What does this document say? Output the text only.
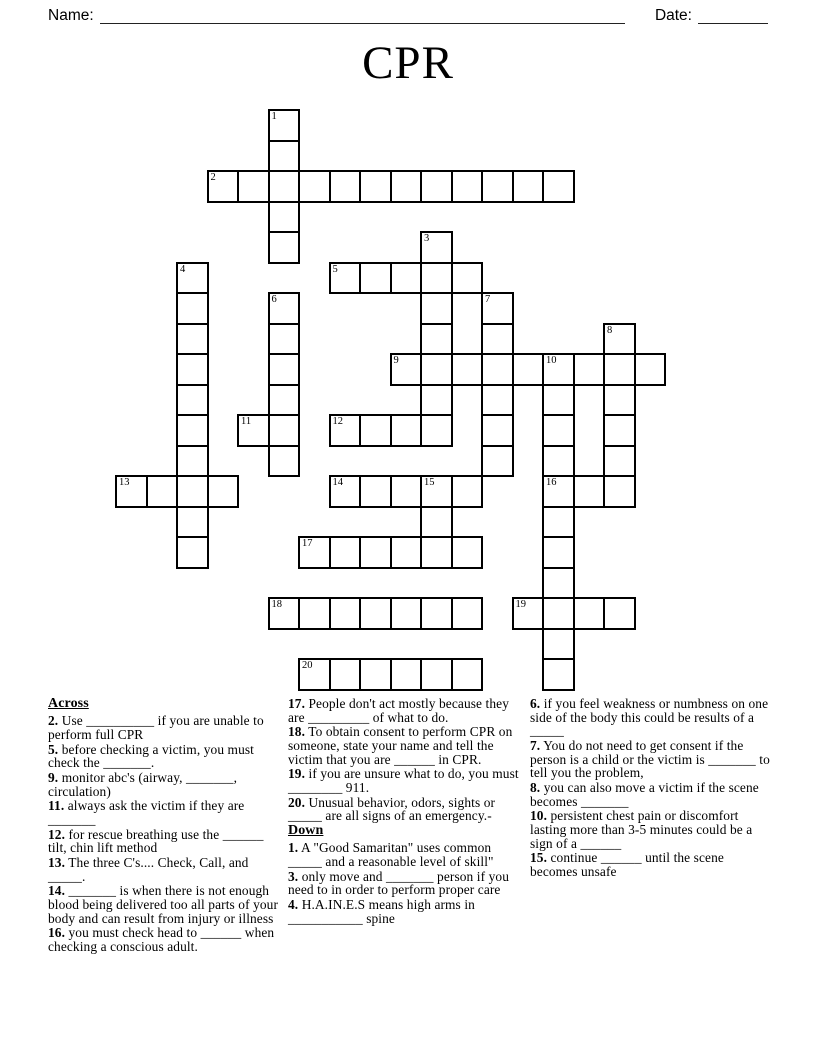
Name:	Date:
CPR
1
2
3
4	5
6	7
8
9	10
16
11	12
13	14	15
17
18	19
20
Across
2. Use __________ if you are unable to perform full CPR
5. before checking a victim, you must check the _______.
9. monitor abc's (airway, _______, circulation)
11. always ask the victim if they are _______
12. for rescue breathing use the ______ tilt, chin lift method
13. The three C's.... Check, Call, and _____.
14. _______ is when there is not enough blood being delivered too all parts of your body and can result from injury or illness
16. you must check head to ______ when checking a conscious adult.
17. People don't act mostly because they are _________ of what to do.
18. To obtain consent to perform CPR on someone, state your name and tell the victim that you are ______ in CPR.
19. if you are unsure what to do, you must ________ 911.
20. Unusual behavior, odors, sights or _____ are all signs of an emergency.-
Down
1. A "Good Samaritan" uses common _____ and a reasonable level of skill"
3. only move and _______ person if you need to in order to perform proper care
4. H.A.IN.E.S means high arms in ___________ spine
6. if you feel weakness or numbness on one side of the body this could be results of a _____
7. You do not need to get consent if the person is a child or the victim is _______ to tell you the problem,
8. you can also move a victim if the scene becomes _______
10. persistent chest pain or discomfort lasting more than 3-5 minutes could be a sign of a ______
15. continue ______ until the scene becomes unsafe
